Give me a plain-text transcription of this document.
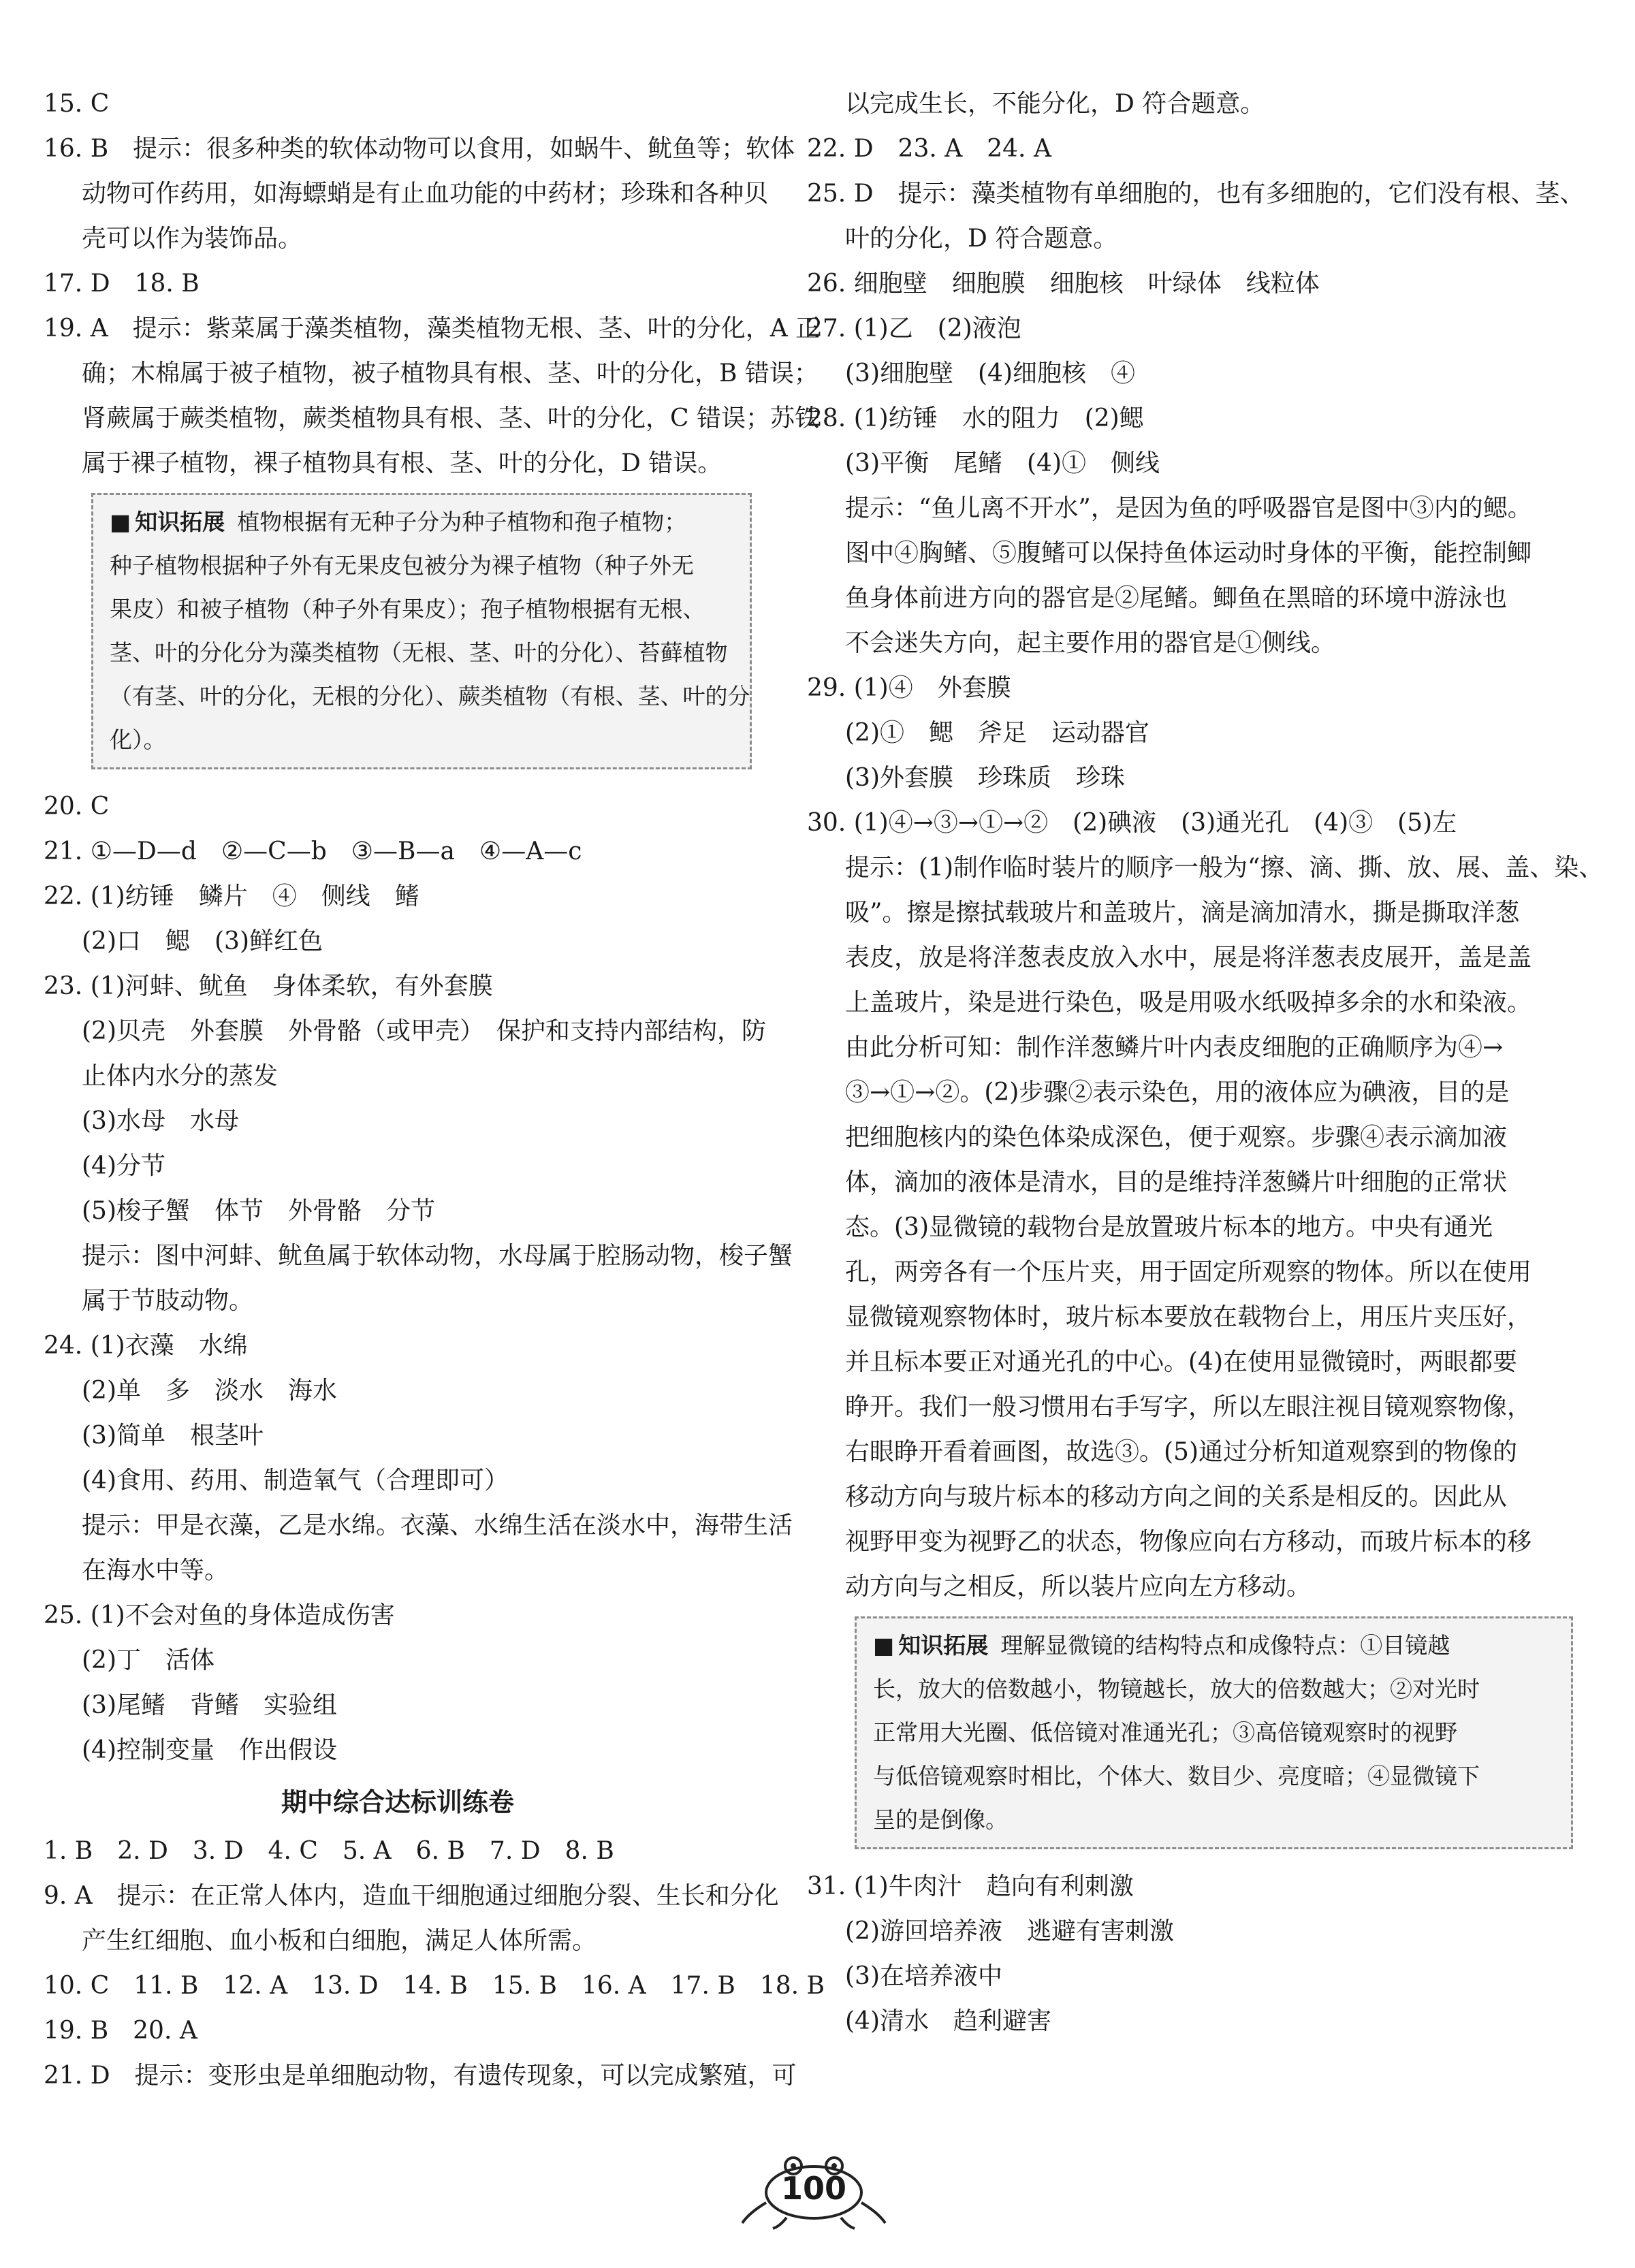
15. C
16. B　提示：很多种类的软体动物可以食用，如蜗牛、鱿鱼等；软体
动物可作药用，如海螵蛸是有止血功能的中药材；珍珠和各种贝
壳可以作为装饰品。
17. D　18. B
19. A　提示：紫菜属于藻类植物，藻类植物无根、茎、叶的分化，A 正
确；木棉属于被子植物，被子植物具有根、茎、叶的分化，B 错误；
肾蕨属于蕨类植物，蕨类植物具有根、茎、叶的分化，C 错误；苏铁
属于裸子植物，裸子植物具有根、茎、叶的分化，D 错误。
■ 知识拓展 植物根据有无种子分为种子植物和孢子植物；
种子植物根据种子外有无果皮包被分为裸子植物（种子外无
果皮）和被子植物（种子外有果皮）；孢子植物根据有无根、
茎、叶的分化分为藻类植物（无根、茎、叶的分化）、苔藓植物
（有茎、叶的分化，无根的分化）、蕨类植物（有根、茎、叶的分
化）。
20. C
21. ①—D—d　②—C—b　③—B—a　④—A—c
22. (1)纺锤　鳞片　④　侧线　鳍
(2)口　鳃　(3)鲜红色
23. (1)河蚌、鱿鱼　身体柔软，有外套膜
(2)贝壳　外套膜　外骨骼（或甲壳）　保护和支持内部结构，防
止体内水分的蒸发
(3)水母　水母
(4)分节
(5)梭子蟹　体节　外骨骼　分节
提示：图中河蚌、鱿鱼属于软体动物，水母属于腔肠动物，梭子蟹
属于节肢动物。
24. (1)衣藻　水绵
(2)单　多　淡水　海水
(3)简单　根茎叶
(4)食用、药用、制造氧气（合理即可）
提示：甲是衣藻，乙是水绵。衣藻、水绵生活在淡水中，海带生活
在海水中等。
25. (1)不会对鱼的身体造成伤害
(2)丁　活体
(3)尾鳍　背鳍　实验组
(4)控制变量　作出假设
期中综合达标训练卷
1. B　2. D　3. D　4. C　5. A　6. B　7. D　8. B
9. A　提示：在正常人体内，造血干细胞通过细胞分裂、生长和分化
产生红细胞、血小板和白细胞，满足人体所需。
10. C　11. B　12. A　13. D　14. B　15. B　16. A　17. B　18. B
19. B　20. A
21. D　提示：变形虫是单细胞动物，有遗传现象，可以完成繁殖，可
以完成生长，不能分化，D 符合题意。
22. D　23. A　24. A
25. D　提示：藻类植物有单细胞的，也有多细胞的，它们没有根、茎、
叶的分化，D 符合题意。
26. 细胞壁　细胞膜　细胞核　叶绿体　线粒体
27. (1)乙　(2)液泡
(3)细胞壁　(4)细胞核　④
28. (1)纺锤　水的阻力　(2)鳃
(3)平衡　尾鳍　(4)①　侧线
提示：“鱼儿离不开水”，是因为鱼的呼吸器官是图中③内的鳃。
图中④胸鳍、⑤腹鳍可以保持鱼体运动时身体的平衡，能控制鲫
鱼身体前进方向的器官是②尾鳍。鲫鱼在黑暗的环境中游泳也
不会迷失方向，起主要作用的器官是①侧线。
29. (1)④　外套膜
(2)①　鳃　斧足　运动器官
(3)外套膜　珍珠质　珍珠
30. (1)④→③→①→②　(2)碘液　(3)通光孔　(4)③　(5)左
提示：(1)制作临时装片的顺序一般为“擦、滴、撕、放、展、盖、染、
吸”。擦是擦拭载玻片和盖玻片，滴是滴加清水，撕是撕取洋葱
表皮，放是将洋葱表皮放入水中，展是将洋葱表皮展开，盖是盖
上盖玻片，染是进行染色，吸是用吸水纸吸掉多余的水和染液。
由此分析可知：制作洋葱鳞片叶内表皮细胞的正确顺序为④→
③→①→②。(2)步骤②表示染色，用的液体应为碘液，目的是
把细胞核内的染色体染成深色，便于观察。步骤④表示滴加液
体，滴加的液体是清水，目的是维持洋葱鳞片叶细胞的正常状
态。(3)显微镜的载物台是放置玻片标本的地方。中央有通光
孔，两旁各有一个压片夹，用于固定所观察的物体。所以在使用
显微镜观察物体时，玻片标本要放在载物台上，用压片夹压好，
并且标本要正对通光孔的中心。(4)在使用显微镜时，两眼都要
睁开。我们一般习惯用右手写字，所以左眼注视目镜观察物像，
右眼睁开看着画图，故选③。(5)通过分析知道观察到的物像的
移动方向与玻片标本的移动方向之间的关系是相反的。因此从
视野甲变为视野乙的状态，物像应向右方移动，而玻片标本的移
动方向与之相反，所以装片应向左方移动。
■ 知识拓展 理解显微镜的结构特点和成像特点：①目镜越
长，放大的倍数越小，物镜越长，放大的倍数越大；②对光时
正常用大光圈、低倍镜对准通光孔；③高倍镜观察时的视野
与低倍镜观察时相比，个体大、数目少、亮度暗；④显微镜下
呈的是倒像。
31. (1)牛肉汁　趋向有利刺激
(2)游回培养液　逃避有害刺激
(3)在培养液中
(4)清水　趋利避害
100
